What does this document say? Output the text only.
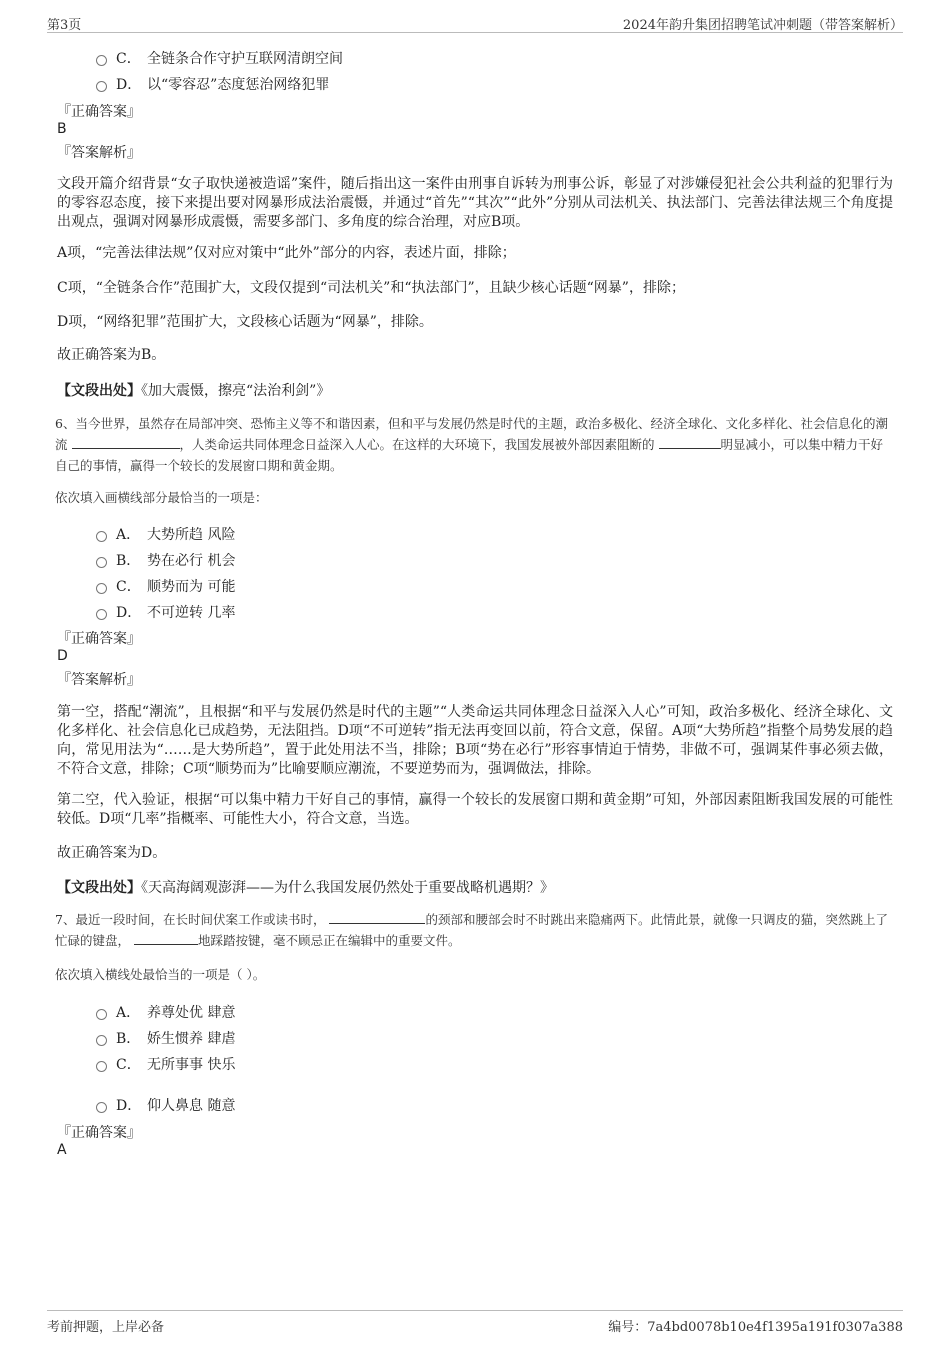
第3页	2024年韵升集团招聘笔试冲刺题（带答案解析）
C． 全链条合作守护互联网清朗空间
D． 以“零容忍”态度惩治网络犯罪
『正确答案』
B
『答案解析』
文段开篇介绍背景“女子取快递被造谣”案件，随后指出这一案件由刑事自诉转为刑事公诉，彰显了对涉嫌侵犯社会公共利益的犯罪行为的零容忍态度，接下来提出要对网暴形成法治震慑，并通过“首先”“其次”“此外”分别从司法机关、执法部门、完善法律法规三个角度提出观点，强调对网暴形成震慑，需要多部门、多角度的综合治理，对应B项。
A项，“完善法律法规”仅对应对策中“此外”部分的内容，表述片面，排除；
C项，“全链条合作”范围扩大，文段仅提到“司法机关”和“执法部门”，且缺少核心话题“网暴”，排除；
D项，“网络犯罪”范围扩大，文段核心话题为“网暴”，排除。
故正确答案为B。
【文段出处】《加大震慑，擦亮“法治利剑”》
6、当今世界，虽然存在局部冲突、恐怖主义等不和谐因素，但和平与发展仍然是时代的主题，政治多极化、经济全球化、文化多样化、社会信息化的潮流	，人类命运共同体理念日益深入人心。在这样的大环境下，我国发展被外部因素阻断的	明显减小，可以集中精力干好自己的事情，赢得一个较长的发展窗口期和黄金期。
依次填入画横线部分最恰当的一项是：
A． 大势所趋 风险
B． 势在必行 机会
C． 顺势而为 可能
D． 不可逆转 几率
『正确答案』
D
『答案解析』
第一空，搭配“潮流”，且根据“和平与发展仍然是时代的主题”“人类命运共同体理念日益深入人心”可知，政治多极化、经济全球化、文化多样化、社会信息化已成趋势，无法阻挡。D项“不可逆转”指无法再变回以前，符合文意，保留。A项“大势所趋”指整个局势发展的趋向，常见用法为“……是大势所趋”，置于此处用法不当，排除；B项“势在必行”形容事情迫于情势，非做不可，强调某件事必须去做，不符合文意，排除；C项“顺势而为”比喻要顺应潮流，不要逆势而为，强调做法，排除。
第二空，代入验证，根据“可以集中精力干好自己的事情，赢得一个较长的发展窗口期和黄金期”可知，外部因素阻断我国发展的可能性较低。D项“几率”指概率、可能性大小，符合文意，当选。
故正确答案为D。
【文段出处】《天高海阔观澎湃——为什么我国发展仍然处于重要战略机遇期？》
7、最近一段时间，在长时间伏案工作或读书时，	的颈部和腰部会时不时跳出来隐痛两下。此情此景，就像一只调皮的猫，突然跳上了忙碌的键盘，	地踩踏按键，毫不顾忌正在编辑中的重要文件。
依次填入横线处最恰当的一项是（ ）。
A． 养尊处优 肆意
B． 娇生惯养 肆虐
C． 无所事事 快乐
D． 仰人鼻息 随意
『正确答案』
A
考前押题，上岸必备	编号：7a4bd0078b10e4f1395a191f0307a388
